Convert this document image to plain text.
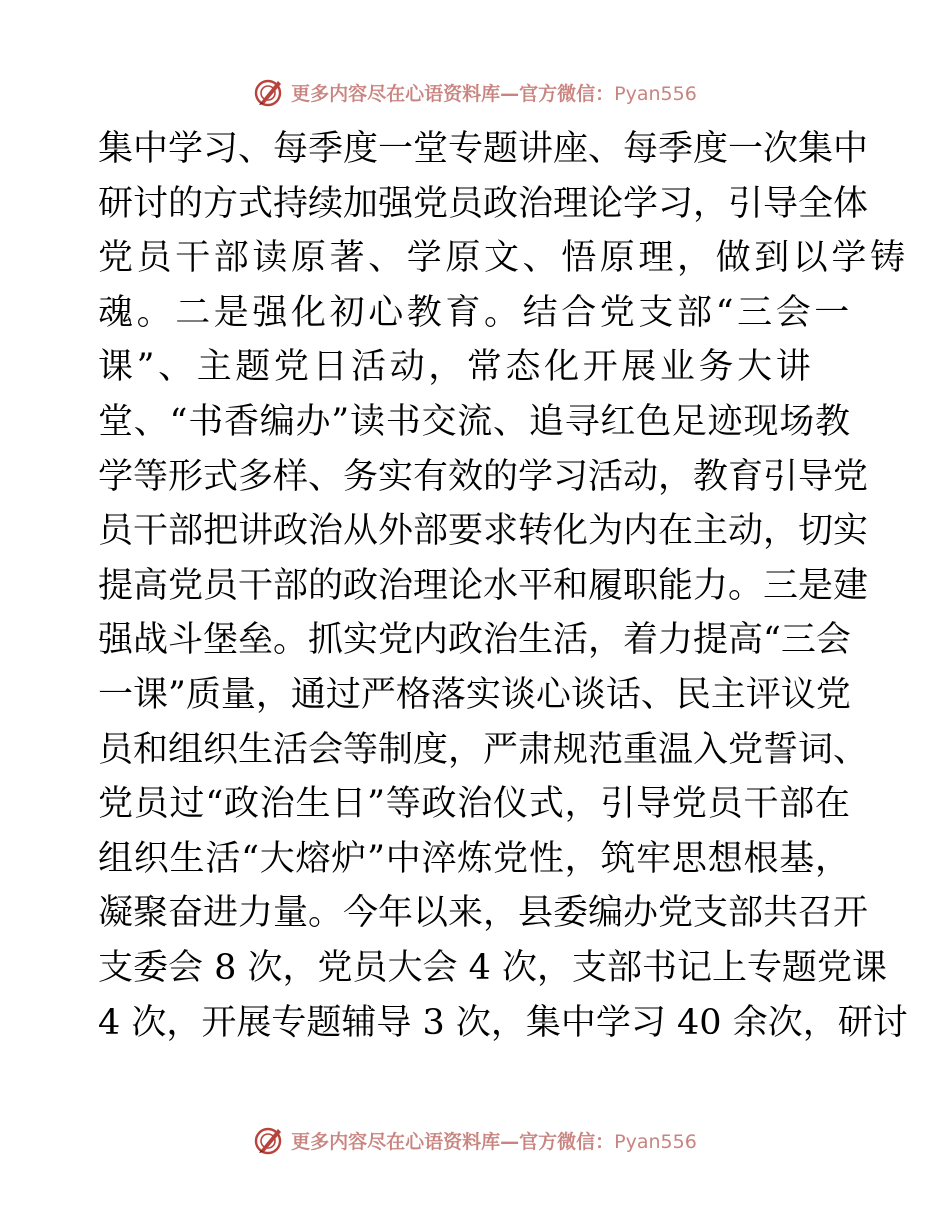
更多内容尽在心语资料库—官方微信：Pyan556
集中学习、每季度一堂专题讲座、每季度一次集中
研讨的方式持续加强党员政治理论学习，引导全体
党员干部读原著、学原文、悟原理，做到以学铸
魂。二是强化初心教育。结合党支部“三会一
课”、主题党日活动，常态化开展业务大讲
堂、“书香编办”读书交流、追寻红色足迹现场教
学等形式多样、务实有效的学习活动，教育引导党
员干部把讲政治从外部要求转化为内在主动，切实
提高党员干部的政治理论水平和履职能力。三是建
强战斗堡垒。抓实党内政治生活，着力提高“三会
一课”质量，通过严格落实谈心谈话、民主评议党
员和组织生活会等制度，严肃规范重温入党誓词、
党员过“政治生日”等政治仪式，引导党员干部在
组织生活“大熔炉”中淬炼党性，筑牢思想根基，
凝聚奋进力量。今年以来，县委编办党支部共召开
支委会 8 次，党员大会 4 次，支部书记上专题党课
4 次，开展专题辅导 3 次，集中学习 40 余次，研讨
更多内容尽在心语资料库—官方微信：Pyan556
